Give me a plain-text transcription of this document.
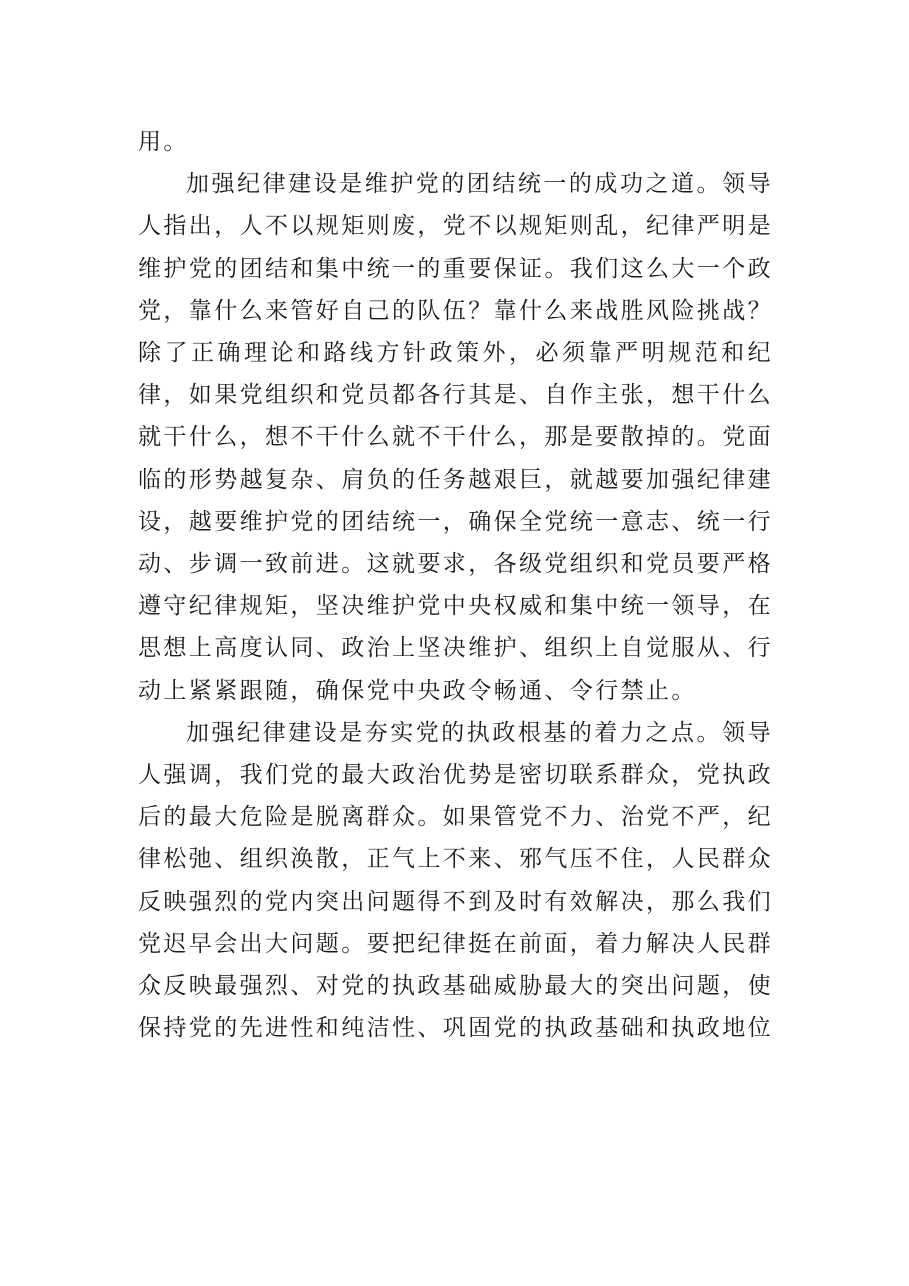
用。

加强纪律建设是维护党的团结统一的成功之道。领导人指出，人不以规矩则废，党不以规矩则乱，纪律严明是维护党的团结和集中统一的重要保证。我们这么大一个政党，靠什么来管好自己的队伍？靠什么来战胜风险挑战？除了正确理论和路线方针政策外，必须靠严明规范和纪律，如果党组织和党员都各行其是、自作主张，想干什么就干什么，想不干什么就不干什么，那是要散掉的。党面临的形势越复杂、肩负的任务越艰巨，就越要加强纪律建设，越要维护党的团结统一，确保全党统一意志、统一行动、步调一致前进。这就要求，各级党组织和党员要严格遵守纪律规矩，坚决维护党中央权威和集中统一领导，在思想上高度认同、政治上坚决维护、组织上自觉服从、行动上紧紧跟随，确保党中央政令畅通、令行禁止。

加强纪律建设是夯实党的执政根基的着力之点。领导人强调，我们党的最大政治优势是密切联系群众，党执政后的最大危险是脱离群众。如果管党不力、治党不严，纪律松弛、组织涣散，正气上不来、邪气压不住，人民群众反映强烈的党内突出问题得不到及时有效解决，那么我们党迟早会出大问题。要把纪律挺在前面，着力解决人民群众反映最强烈、对党的执政基础威胁最大的突出问题，使保持党的先进性和纯洁性、巩固党的执政基础和执政地位
